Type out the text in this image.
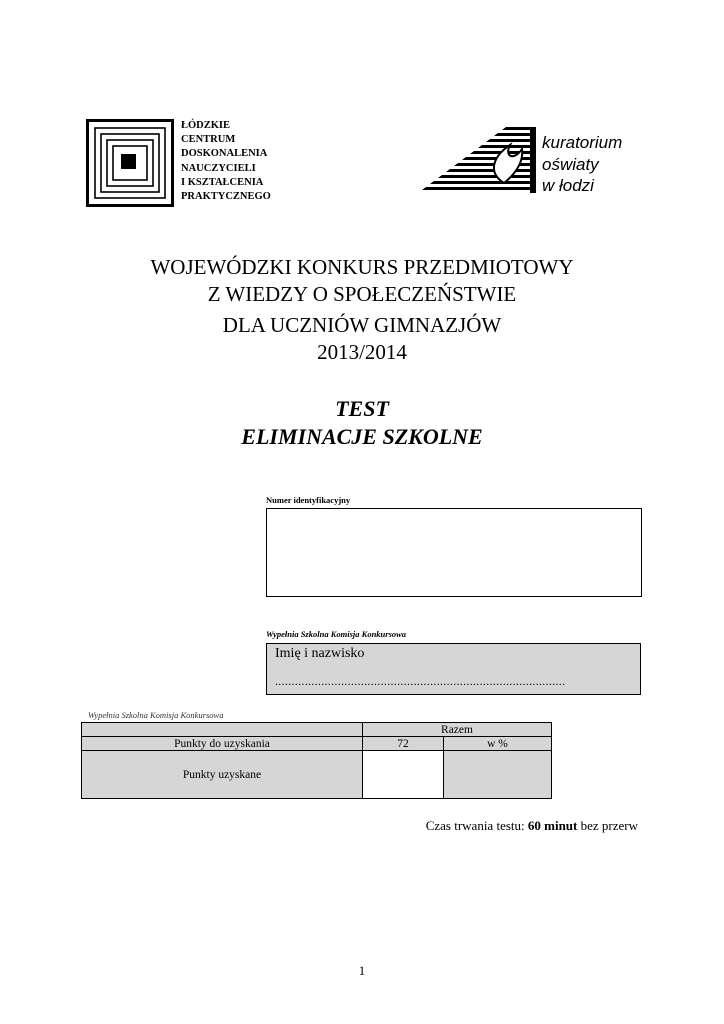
ŁÓDZKIE
CENTRUM
DOSKONALENIA
NAUCZYCIELI
I KSZTAŁCENIA
PRAKTYCZNEGO
kuratorium
oświaty
w łodzi
WOJEWÓDZKI KONKURS PRZEDMIOTOWY
Z WIEDZY O SPOŁECZEŃSTWIE
DLA UCZNIÓW GIMNAZJÓW
2013/2014
TEST
ELIMINACJE SZKOLNE
Numer identyfikacyjny
Wypełnia Szkolna Komisja Konkursowa
Imię i nazwisko
........................................................................................
Wypełnia Szkolna Komisja Konkursowa
	Razem	
Punkty do uzyskania	72	w %
Punkty uzyskane		
Czas trwania testu: 60 minut bez przerw
1
